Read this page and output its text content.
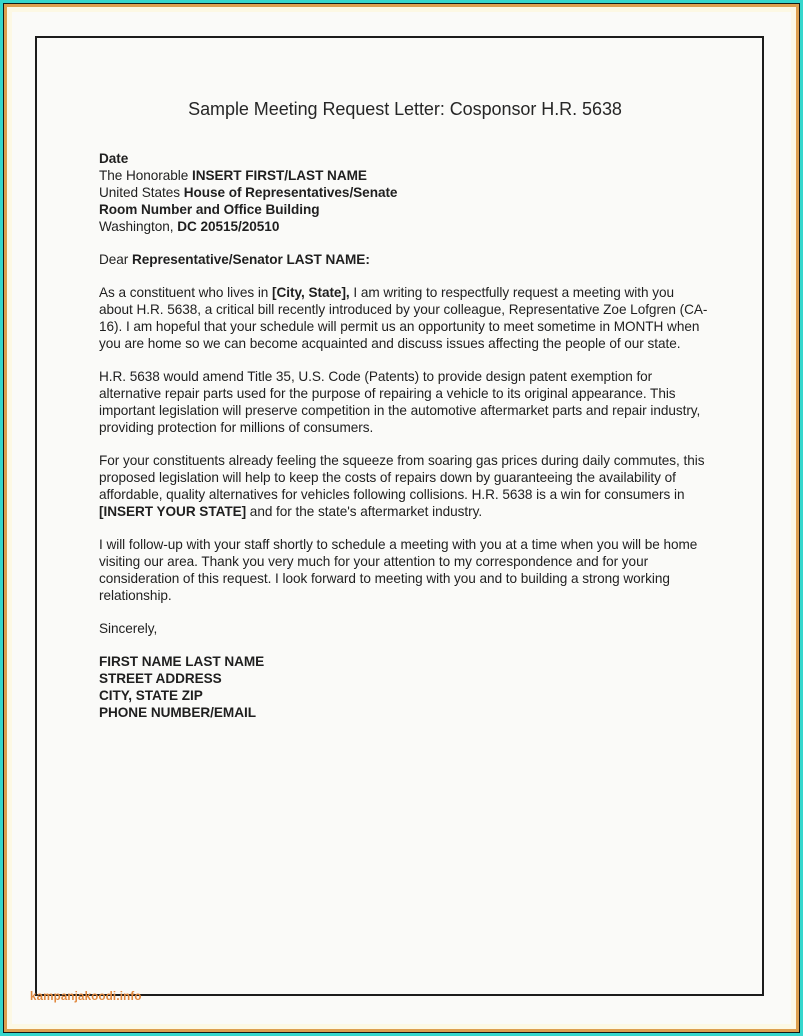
Sample Meeting Request Letter: Cosponsor H.R. 5638
Date
The Honorable INSERT FIRST/LAST NAME
United States House of Representatives/Senate
Room Number and Office Building
Washington, DC 20515/20510
Dear Representative/Senator LAST NAME:

As a constituent who lives in [City, State], I am writing to respectfully request a meeting with you about H.R. 5638, a critical bill recently introduced by your colleague, Representative Zoe Lofgren (CA-16). I am hopeful that your schedule will permit us an opportunity to meet sometime in MONTH when you are home so we can become acquainted and discuss issues affecting the people of our state.

H.R. 5638 would amend Title 35, U.S. Code (Patents) to provide design patent exemption for alternative repair parts used for the purpose of repairing a vehicle to its original appearance. This important legislation will preserve competition in the automotive aftermarket parts and repair industry, providing protection for millions of consumers.

For your constituents already feeling the squeeze from soaring gas prices during daily commutes, this proposed legislation will help to keep the costs of repairs down by guaranteeing the availability of affordable, quality alternatives for vehicles following collisions. H.R. 5638 is a win for consumers in [INSERT YOUR STATE] and for the state's aftermarket industry.

I will follow-up with your staff shortly to schedule a meeting with you at a time when you will be home visiting our area. Thank you very much for your attention to my correspondence and for your consideration of this request. I look forward to meeting with you and to building a strong working relationship.

Sincerely,
FIRST NAME LAST NAME
STREET ADDRESS
CITY, STATE ZIP
PHONE NUMBER/EMAIL
kampanjakoodi.info
